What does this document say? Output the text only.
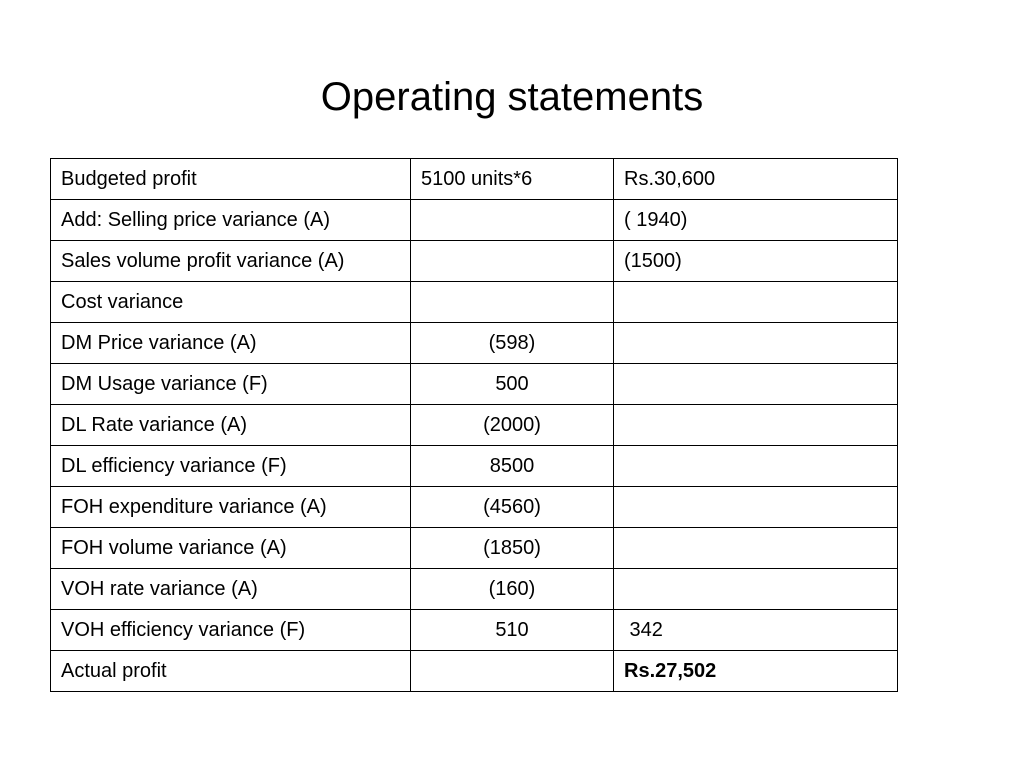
Operating statements
Budgeted profit	5100 units*6	Rs.30,600
Add: Selling price variance (A)		( 1940)
Sales volume profit variance (A)		(1500)
Cost variance		
DM Price variance (A)	(598)	
DM Usage variance (F)	500	
DL Rate variance (A)	(2000)	
DL efficiency variance (F)	8500	
FOH expenditure variance (A)	(4560)	
FOH volume variance (A)	(1850)	
VOH rate variance (A)	(160)	
VOH efficiency variance (F)	510	342
Actual profit		Rs.27,502
